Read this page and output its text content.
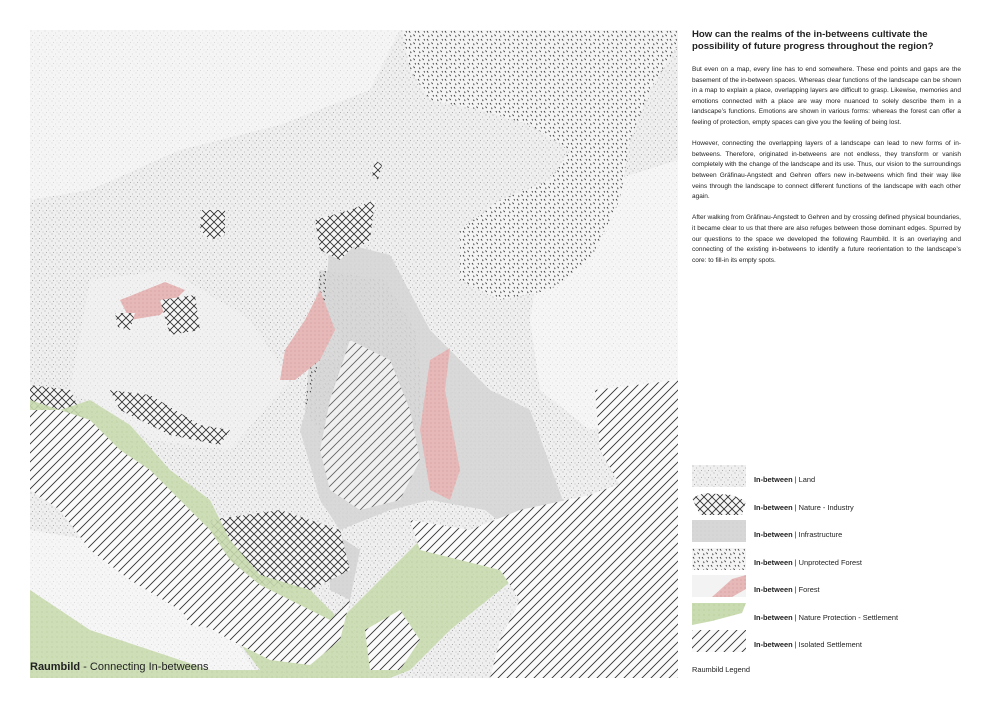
Raumbild - Connecting In-betweens

How can the realms of the in-betweens cultivate the possibility of future progress throughout the region?

But even on a map, every line has to end somewhere. These end points and gaps are the basement of the in-between spaces. Whereas clear functions of the landscape can be shown in a map to explain a place, overlapping layers are difficult to grasp. Likewise, memories and emotions connected with a place are way more nuanced to solely describe them in a landscape’s functions. Emotions are shown in various forms: whereas the forest can offer a feeling of protection, empty spaces can give you the feeling of being lost.

However, connecting the overlapping layers of a landscape can lead to new forms of in-betweens. Therefore, originated in-betweens are not endless, they transform or vanish completely with the change of the landscape and its use. Thus, our vision to the surroundings between Gräfinau-Angstedt and Gehren offers new in-betweens which find their way like veins through the landscape to connect different functions of the landscape with each other again.

After walking from Gräfinau-Angstedt to Gehren and by crossing defined physical boundaries, it became clear to us that there are also refuges between those dominant edges. Spurred by our questions to the space we developed the following Raumbild. It is an overlaying and connecting of the existing in-betweens to identify a future reorientation to the landscape’s core: to fill-in its empty spots.

In-between | Land
In-between | Nature - Industry
In-between | Infrastructure
In-between | Unprotected Forest
In-between | Forest
In-between | Nature Protection - Settlement
In-between | Isolated Settlement
Raumbild Legend
